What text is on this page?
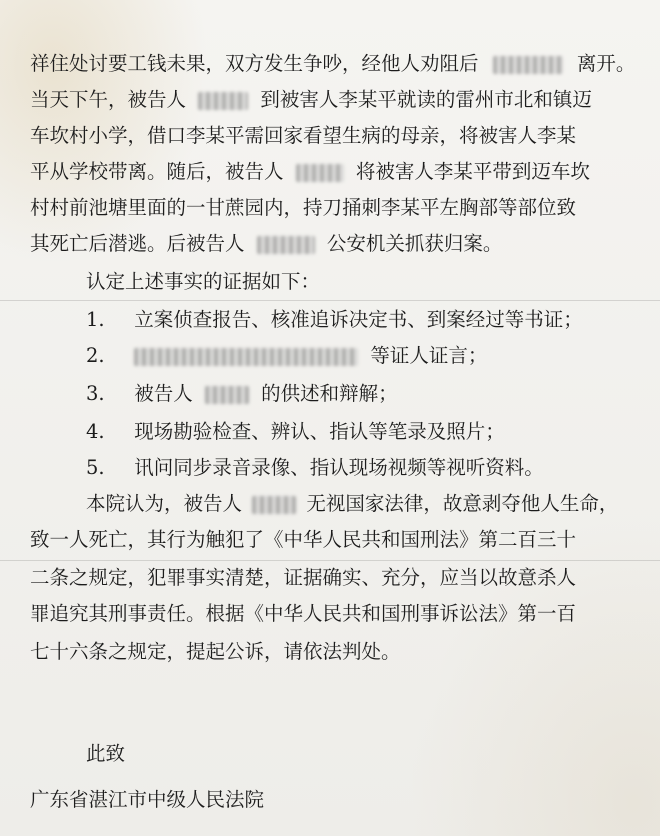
祥住处讨要工钱未果，双方发生争吵，经他人劝阻后	离开。
当天下午，被告人	到被害人李某平就读的雷州市北和镇迈
车坎村小学，借口李某平需回家看望生病的母亲，将被害人李某
平从学校带离。随后，被告人	将被害人李某平带到迈车坎
村村前池塘里面的一甘蔗园内，持刀捅刺李某平左胸部等部位致
其死亡后潜逃。后被告人	公安机关抓获归案。
认定上述事实的证据如下：
1. 立案侦查报告、核准追诉决定书、到案经过等书证；
2.	等证人证言；
3. 被告人	的供述和辩解；
4. 现场勘验检查、辨认、指认等笔录及照片；
5. 讯问同步录音录像、指认现场视频等视听资料。
本院认为，被告人	无视国家法律，故意剥夺他人生命，
致一人死亡，其行为触犯了《中华人民共和国刑法》第二百三十
二条之规定，犯罪事实清楚，证据确实、充分，应当以故意杀人
罪追究其刑事责任。根据《中华人民共和国刑事诉讼法》第一百
七十六条之规定，提起公诉，请依法判处。
此致
广东省湛江市中级人民法院
